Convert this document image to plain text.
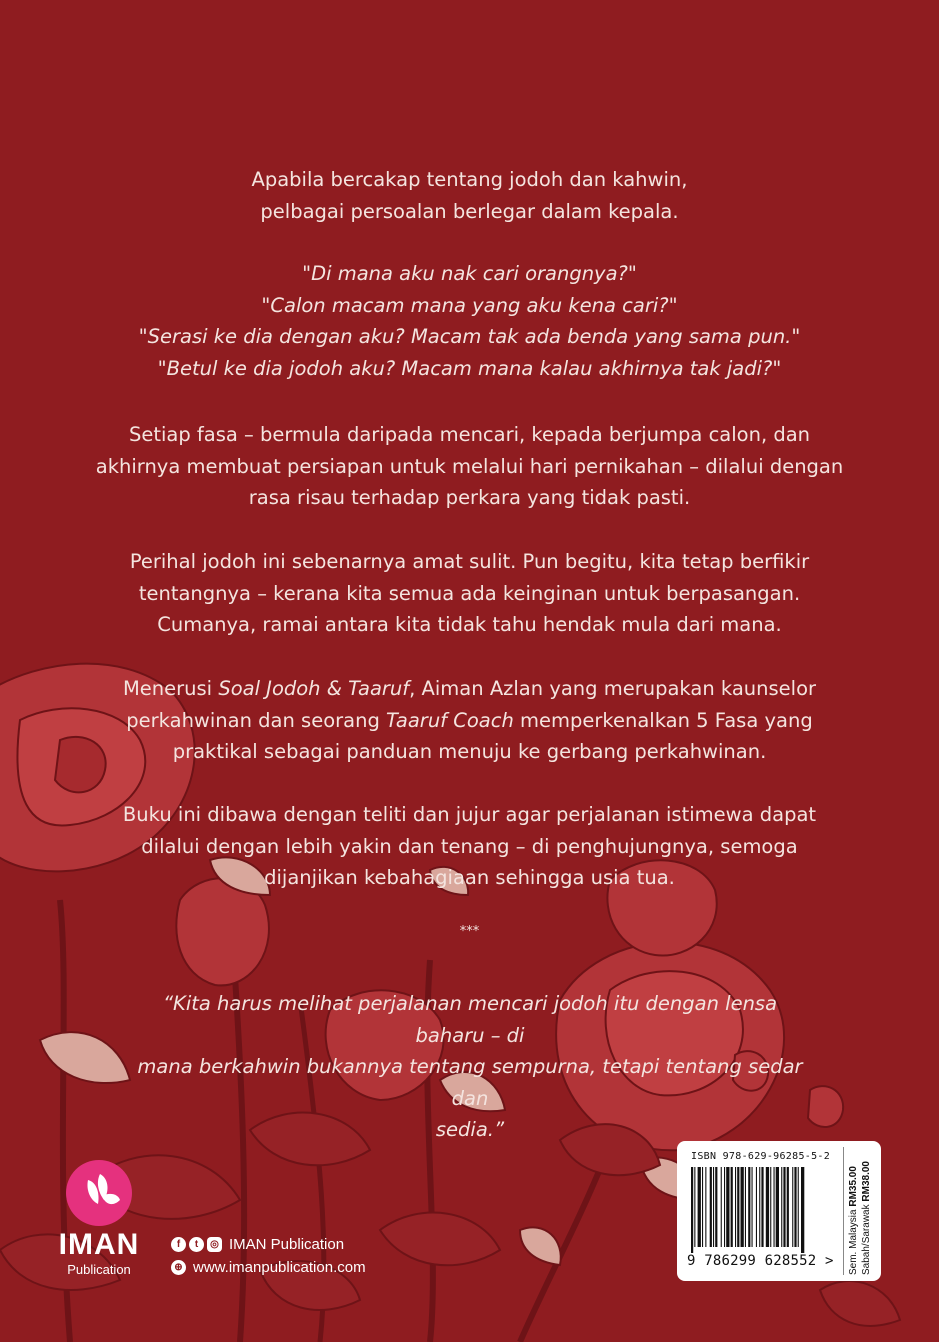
Apabila bercakap tentang jodoh dan kahwin,

pelbagai persoalan berlegar dalam kepala.

"Di mana aku nak cari orangnya?"

"Calon macam mana yang aku kena cari?"

"Serasi ke dia dengan aku? Macam tak ada benda yang sama pun."

"Betul ke dia jodoh aku? Macam mana kalau akhirnya tak jadi?"

Setiap fasa – bermula daripada mencari, kepada berjumpa calon, dan

akhirnya membuat persiapan untuk melalui hari pernikahan – dilalui dengan

rasa risau terhadap perkara yang tidak pasti.

Perihal jodoh ini sebenarnya amat sulit. Pun begitu, kita tetap berfikir

tentangnya – kerana kita semua ada keinginan untuk berpasangan.

Cumanya, ramai antara kita tidak tahu hendak mula dari mana.

Menerusi Soal Jodoh & Taaruf, Aiman Azlan yang merupakan kaunselor

perkahwinan dan seorang Taaruf Coach memperkenalkan 5 Fasa yang

praktikal sebagai panduan menuju ke gerbang perkahwinan.

Buku ini dibawa dengan teliti dan jujur agar perjalanan istimewa dapat

dilalui dengan lebih yakin dan tenang – di penghujungnya, semoga

dijanjikan kebahagiaan sehingga usia tua.

***

“Kita harus melihat perjalanan mencari jodoh itu dengan lensa baharu – di

mana berkahwin bukannya tentang sempurna, tetapi tentang sedar dan

sedia.”

IMAN
Publication
f	t	◎ IMAN Publication
⊕ www.imanpublication.com
ISBN 978-629-96285-5-2
9 786299 628552 >	Sem. Malaysia RM35.00
Sabah/Sarawak RM38.00
